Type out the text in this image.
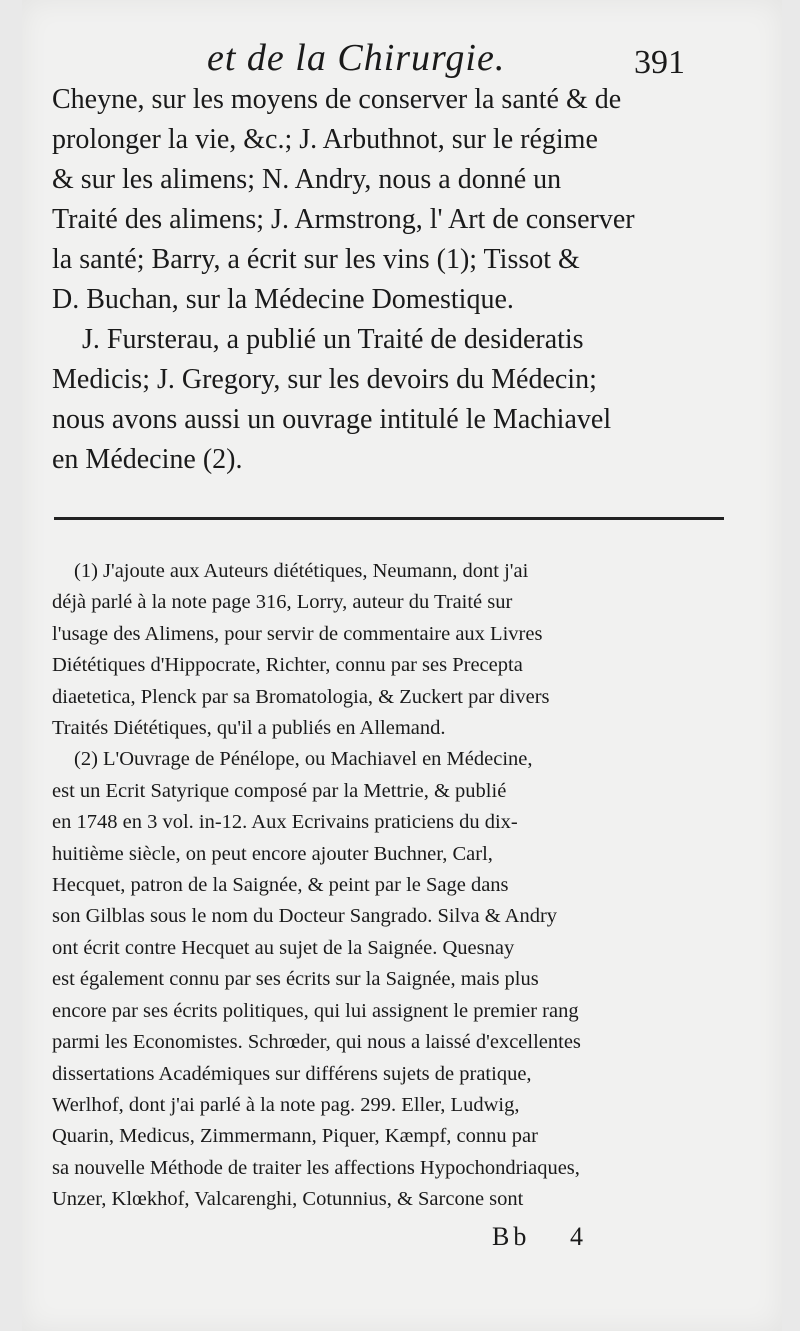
et de la Chirurgie.	391

Cheyne, sur les moyens de conserver la santé & de
prolonger la vie, &c.; J. Arbuthnot, sur le régime
& sur les alimens; N. Andry, nous a donné un
Traité des alimens; J. Armstrong, l' Art de conserver
la santé; Barry, a écrit sur les vins (1); Tissot &
D. Buchan, sur la Médecine Domestique.

J. Fursterau, a publié un Traité de desideratis
Medicis; J. Gregory, sur les devoirs du Médecin;
nous avons aussi un ouvrage intitulé le Machiavel
en Médecine (2).

(1) J'ajoute aux Auteurs diététiques, Neumann, dont j'ai
déjà parlé à la note page 316, Lorry, auteur du Traité sur
l'usage des Alimens, pour servir de commentaire aux Livres
Diététiques d'Hippocrate, Richter, connu par ses Precepta
diaetetica, Plenck par sa Bromatologia, & Zuckert par divers
Traités Diététiques, qu'il a publiés en Allemand.

(2) L'Ouvrage de Pénélope, ou Machiavel en Médecine,
est un Ecrit Satyrique composé par la Mettrie, & publié
en 1748 en 3 vol. in-12. Aux Ecrivains praticiens du dix-
huitième siècle, on peut encore ajouter Buchner, Carl,
Hecquet, patron de la Saignée, & peint par le Sage dans
son Gilblas sous le nom du Docteur Sangrado. Silva & Andry
ont écrit contre Hecquet au sujet de la Saignée. Quesnay
est également connu par ses écrits sur la Saignée, mais plus
encore par ses écrits politiques, qui lui assignent le premier rang
parmi les Economistes. Schrœder, qui nous a laissé d'excellentes
dissertations Académiques sur différens sujets de pratique,
Werlhof, dont j'ai parlé à la note pag. 299. Eller, Ludwig,
Quarin, Medicus, Zimmermann, Piquer, Kæmpf, connu par
sa nouvelle Méthode de traiter les affections Hypochondriaques,
Unzer, Klœkhof, Valcarenghi, Cotunnius, & Sarcone sont

Bb 4
